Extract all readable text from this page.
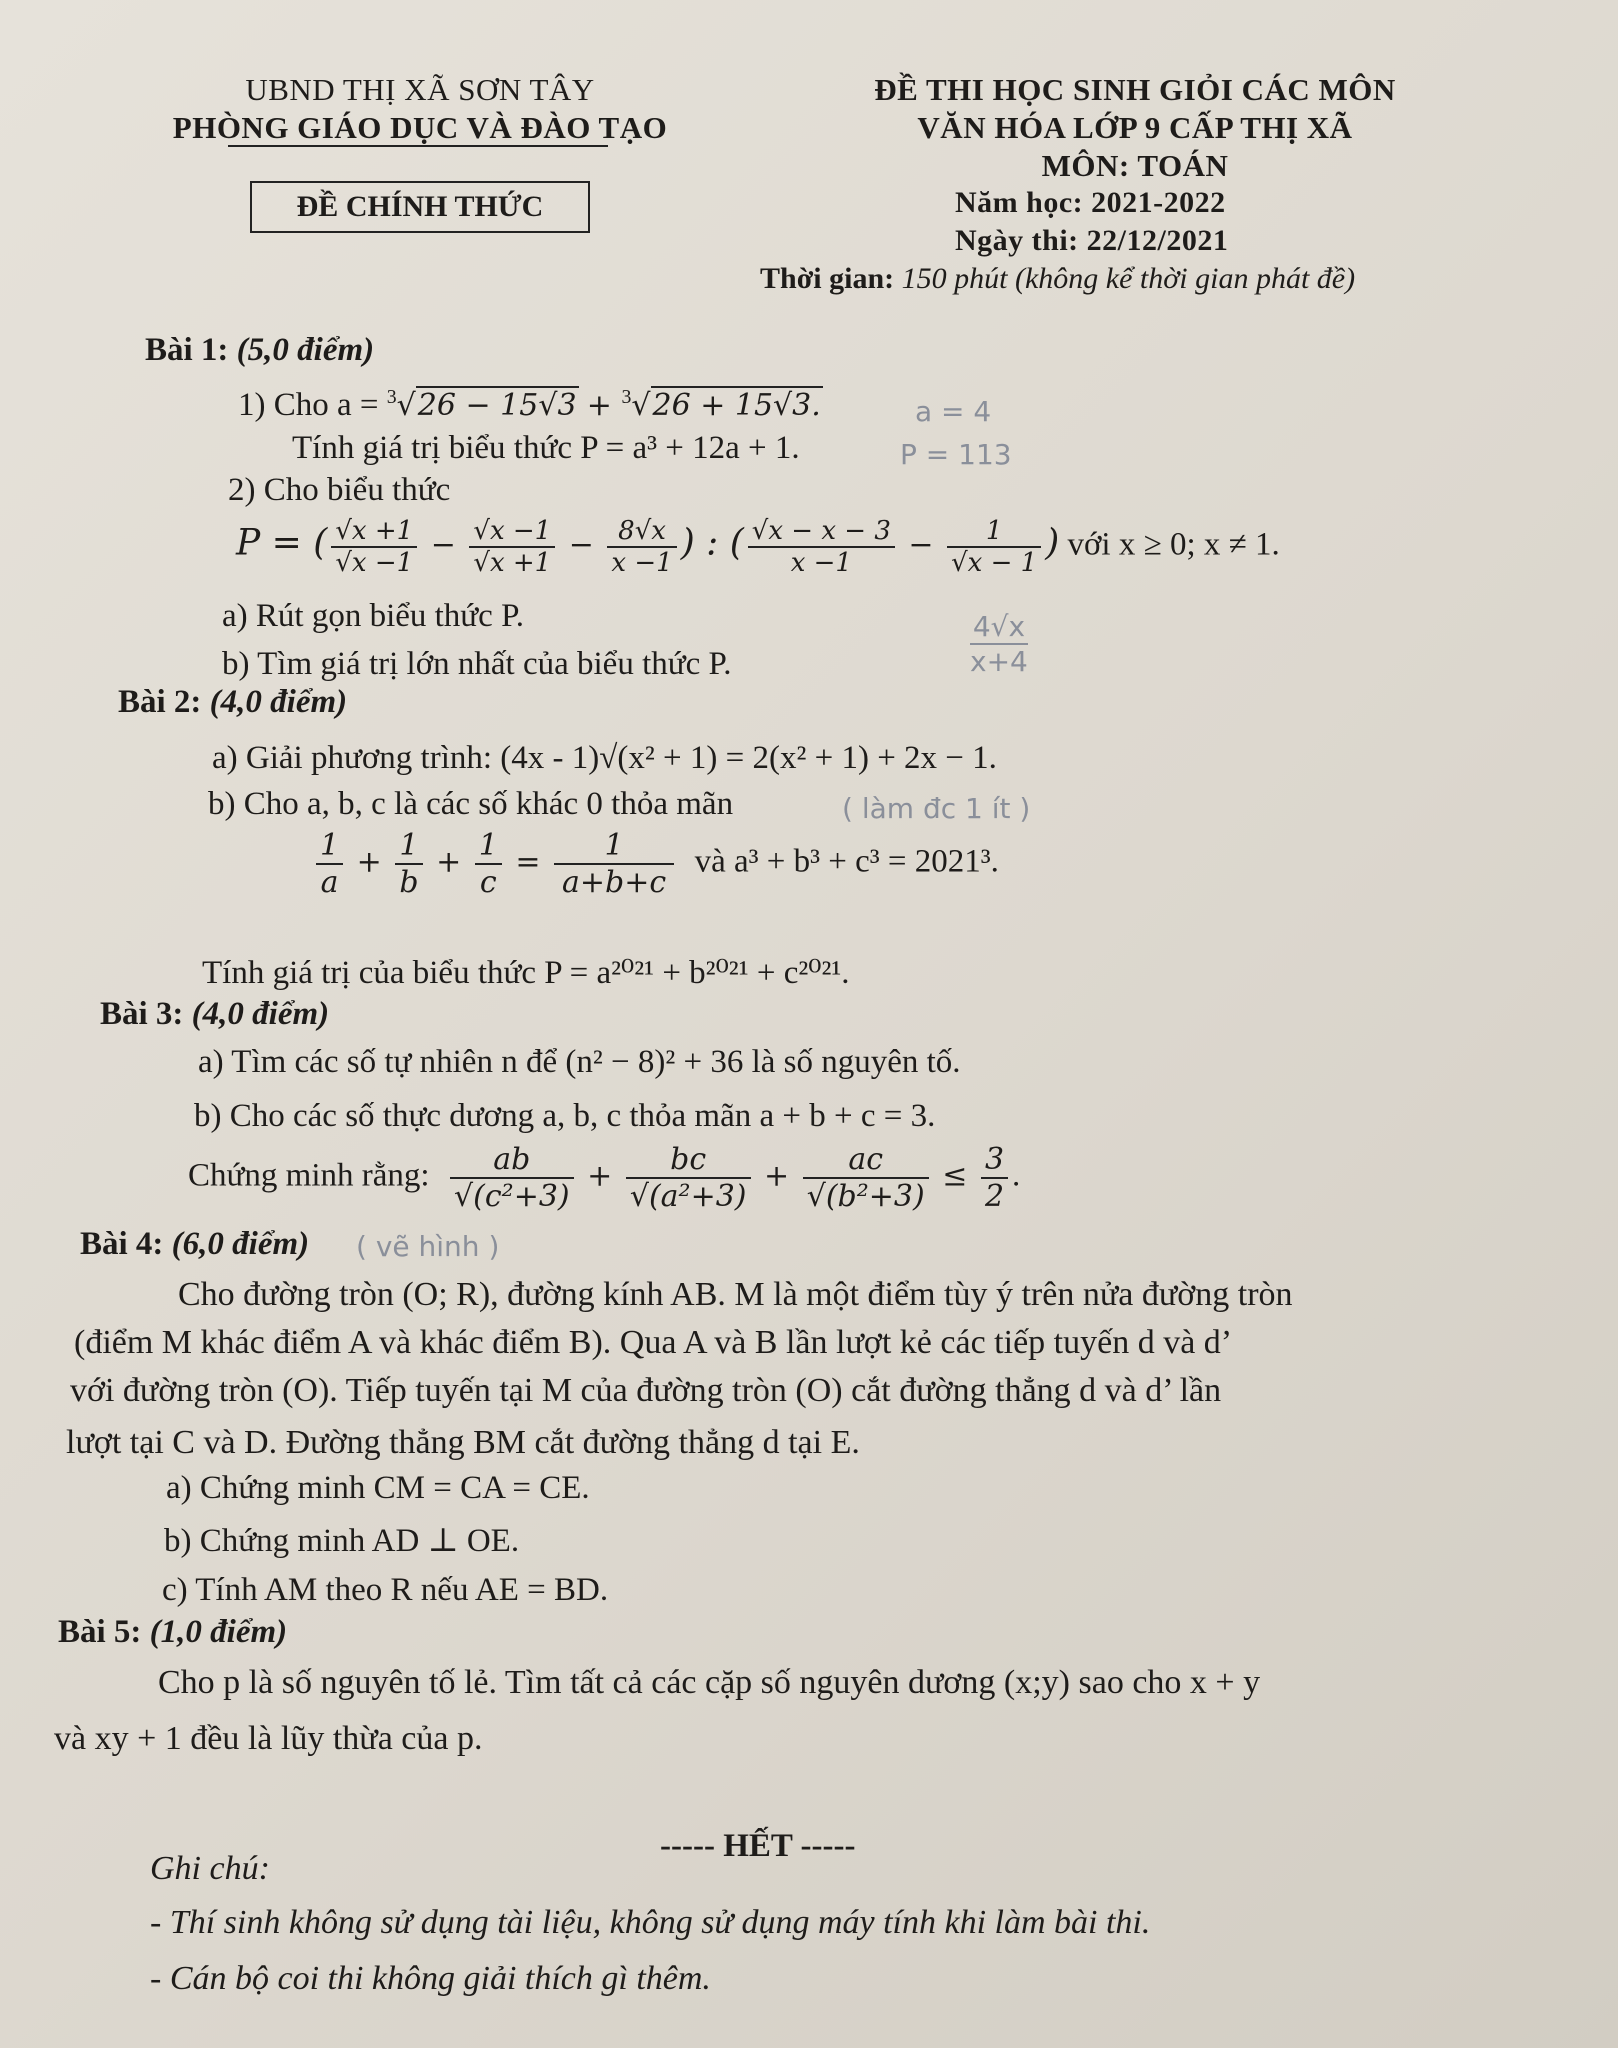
UBND THỊ XÃ SƠN TÂY
PHÒNG GIÁO DỤC VÀ ĐÀO TẠO
ĐỀ CHÍNH THỨC
ĐỀ THI HỌC SINH GIỎI CÁC MÔN
VĂN HÓA LỚP 9 CẤP THỊ XÃ
MÔN: TOÁN
Năm học: 2021-2022
Ngày thi: 22/12/2021
Thời gian: 150 phút (không kể thời gian phát đề)
Bài 1: (5,0 điểm)
1) Cho a = $^3$√26 − 15√3 + $^3$√26 + 15√3.	a = 4
Tính giá trị biểu thức P = a³ + 12a + 1.	P = 113
2) Cho biểu thức
P = ( $\frac{√x +1}{√x -1} - \frac{√x -1}{√x +1} - \frac{8√x}{x -1}$ ) : ( $\frac{√x - x - 3}{x -1} - \frac{1}{√x - 1}$ ) với x ≥ 0; x ≠ 1.
a) Rút gọn biểu thức P.	$\frac{4√x}{x+4}$
b) Tìm giá trị lớn nhất của biểu thức P.
Bài 2: (4,0 điểm)
a) Giải phương trình: (4x - 1)√(x² + 1) = 2(x² + 1) + 2x − 1.
b) Cho a, b, c là các số khác 0 thỏa mãn	( làm đc 1 ít )
$\frac{1}{a} + \frac{1}{b} + \frac{1}{c} = \frac{1}{a+b+c}$ và a³ + b³ + c³ = 2021³.
Tính giá trị của biểu thức P = a²⁰²¹ + b²⁰²¹ + c²⁰²¹.
Bài 3: (4,0 điểm)
a) Tìm các số tự nhiên n để (n² − 8)² + 36 là số nguyên tố.
b) Cho các số thực dương a, b, c thỏa mãn a + b + c = 3.
Chứng minh rằng: $\frac{ab}{\text{√(c²+3)}} + \frac{bc}{\text{√(a²+3)}} + \frac{ac}{\text{√(b²+3)}} \le \frac{3}{2}$ .
Bài 4: (6,0 điểm) ( vẽ hình )
Cho đường tròn (O; R), đường kính AB. M là một điểm tùy ý trên nửa đường tròn
(điểm M khác điểm A và khác điểm B). Qua A và B lần lượt kẻ các tiếp tuyến d và d’
với đường tròn (O). Tiếp tuyến tại M của đường tròn (O) cắt đường thẳng d và d’ lần
lượt tại C và D. Đường thẳng BM cắt đường thẳng d tại E.
a) Chứng minh CM = CA = CE.
b) Chứng minh AD ⊥ OE.
c) Tính AM theo R nếu AE = BD.
Bài 5: (1,0 điểm)
Cho p là số nguyên tố lẻ. Tìm tất cả các cặp số nguyên dương (x;y) sao cho x + y
và xy + 1 đều là lũy thừa của p.
----- HẾT -----
Ghi chú:
- Thí sinh không sử dụng tài liệu, không sử dụng máy tính khi làm bài thi.
- Cán bộ coi thi không giải thích gì thêm.
